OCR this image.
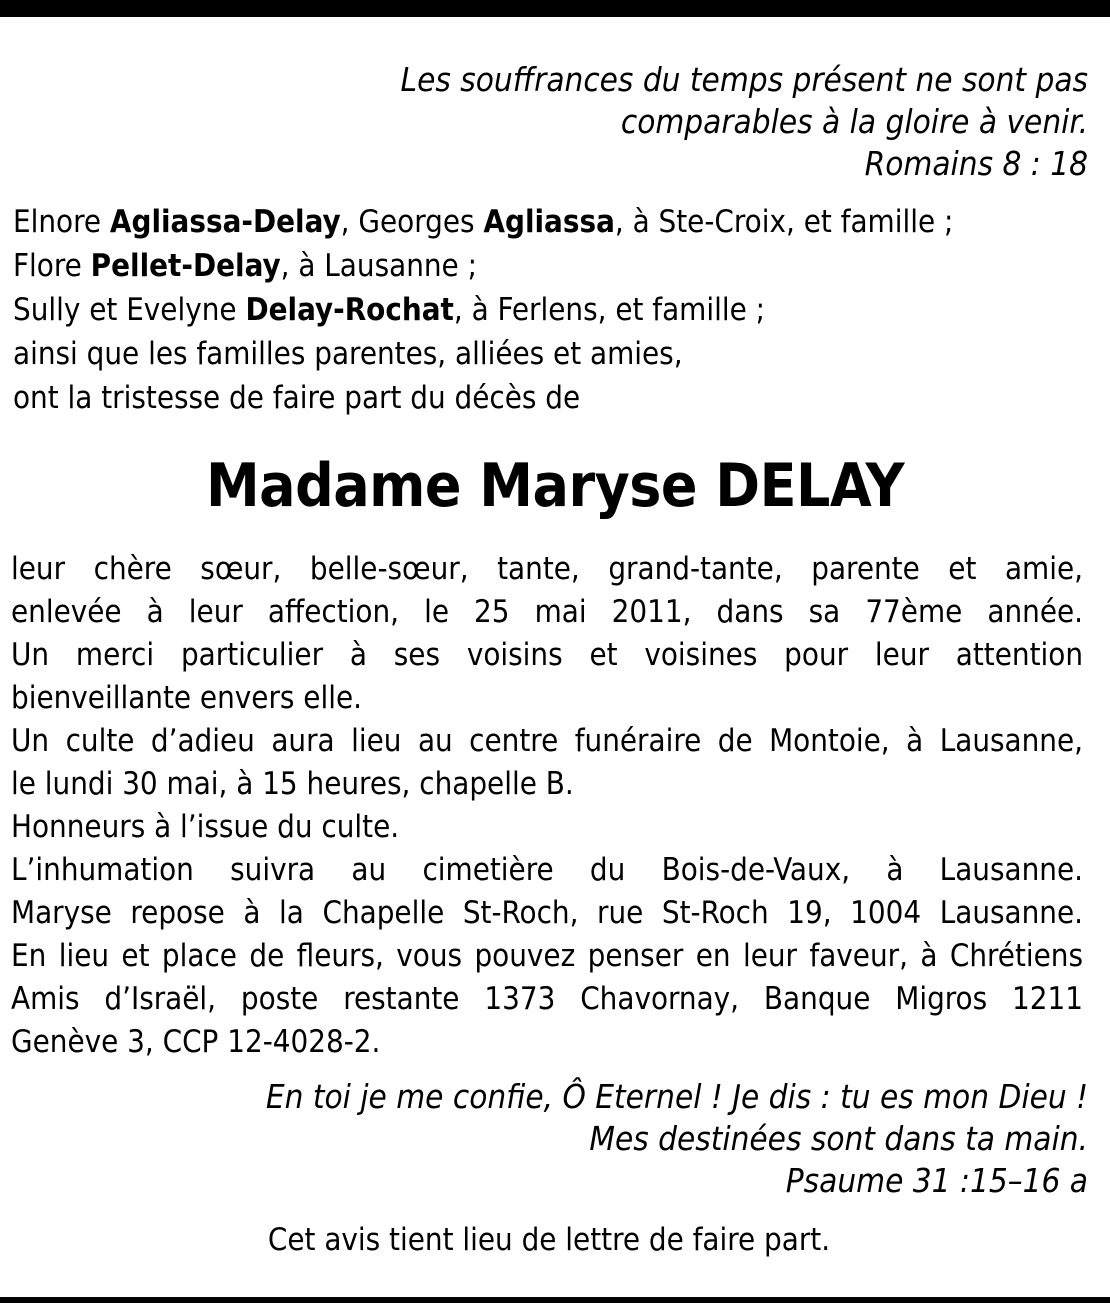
Les souffrances du temps présent ne sont pas
comparables à la gloire à venir.
Romains 8 : 18
Elnore Agliassa-Delay, Georges Agliassa, à Ste-Croix, et famille ;
Flore Pellet-Delay, à Lausanne ;
Sully et Evelyne Delay-Rochat, à Ferlens, et famille ;
ainsi que les familles parentes, alliées et amies,
ont la tristesse de faire part du décès de
Madame Maryse DELAY
leur chère sœur, belle-sœur, tante, grand-tante, parente et amie,
enlevée à leur affection, le 25 mai 2011, dans sa 77ème année.
Un merci particulier à ses voisins et voisines pour leur attention
bienveillante envers elle.
Un culte d’adieu aura lieu au centre funéraire de Montoie, à Lausanne,
le lundi 30 mai, à 15 heures, chapelle B.
Honneurs à l’issue du culte.
L’inhumation suivra au cimetière du Bois-de-Vaux, à Lausanne.
Maryse repose à la Chapelle St-Roch, rue St-Roch 19, 1004 Lausanne.
En lieu et place de fleurs, vous pouvez penser en leur faveur, à Chrétiens
Amis d’Israël, poste restante 1373 Chavornay, Banque Migros 1211
Genève 3, CCP 12-4028-2.
En toi je me confie, Ô Eternel ! Je dis : tu es mon Dieu !
Mes destinées sont dans ta main.
Psaume 31 :15–16 a
Cet avis tient lieu de lettre de faire part.
